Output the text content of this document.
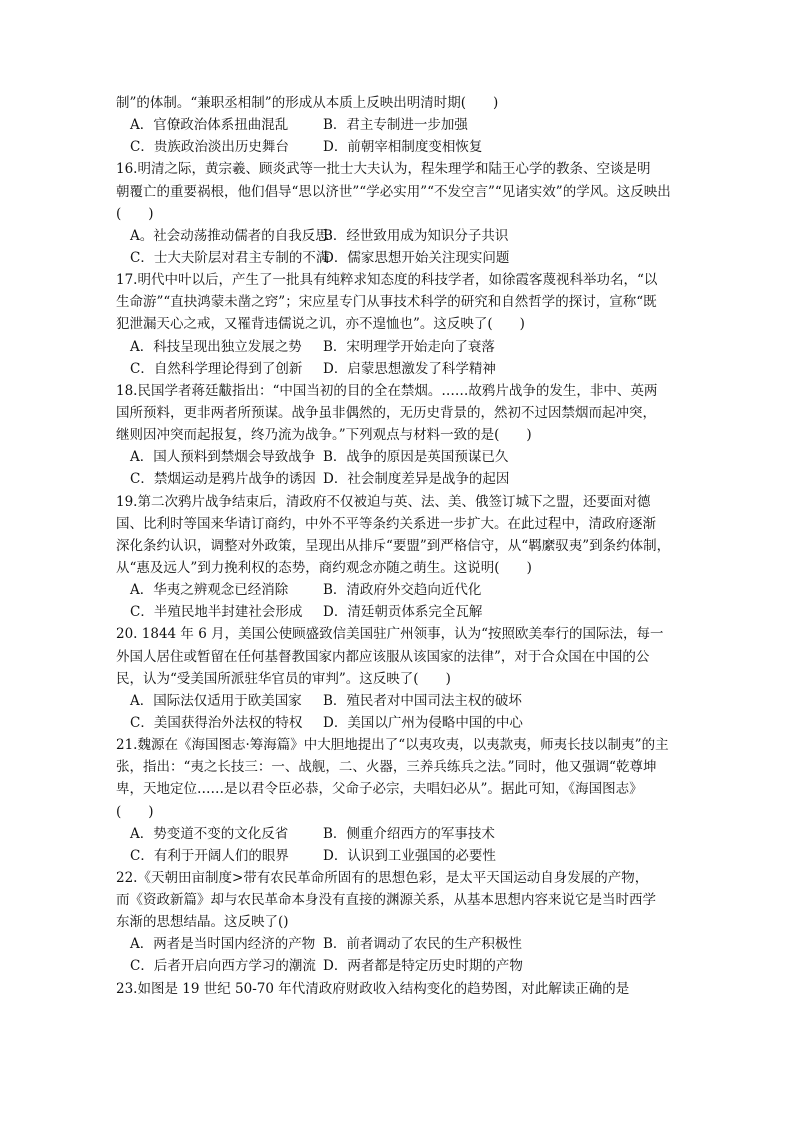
制”的体制。“兼职丞相制”的形成从本质上反映出明清时期(　　)
A．官僚政治体系扭曲混乱	B．君主专制进一步加强
C．贵族政治淡出历史舞台	D．前朝宰相制度变相恢复
16.明清之际，黄宗羲、顾炎武等一批士大夫认为，程朱理学和陆王心学的教条、空谈是明
朝覆亡的重要祸根，他们倡导“思以济世”“学必实用”“不发空言”“见诸实效”的学风。这反映出
(　　)
A。社会动荡推动儒者的自我反思B．经世致用成为知识分子共识
C．士大夫阶层对君主专制的不满D．儒家思想开始关注现实问题
17.明代中叶以后，产生了一批具有纯粹求知态度的科技学者，如徐霞客蔑视科举功名，“以
生命游”“直抉鸿蒙未凿之窍”；宋应星专门从事技术科学的研究和自然哲学的探讨，宣称“既
犯泄漏天心之戒，又罹背违儒说之讥，亦不遑恤也”。这反映了(　　)
A．科技呈现出独立发展之势 B．宋明理学开始走向了衰落
C．自然科学理论得到了创新 D．启蒙思想激发了科学精神
18.民国学者蒋廷黻指出：“中国当初的目的全在禁烟。……故鸦片战争的发生，非中、英两
国所预料，更非两者所预谋。战争虽非偶然的，无历史背景的，然初不过因禁烟而起冲突，
继则因冲突而起报复，终乃流为战争。”下列观点与材料一致的是(　　)
A．国人预料到禁烟会导致战争 B．战争的原因是英国预谋已久
C．禁烟运动是鸦片战争的诱因 D．社会制度差异是战争的起因
19.第二次鸦片战争结束后，清政府不仅被迫与英、法、美、俄签订城下之盟，还要面对德
国、比利时等国来华请订商约，中外不平等条约关系进一步扩大。在此过程中，清政府逐渐
深化条约认识，调整对外政策，呈现出从排斥“要盟”到严格信守，从“羁縻驭夷”到条约体制，
从“惠及远人”到力挽利权的态势，商约观念亦随之萌生。这说明(　　)
A．华夷之辨观念已经消除	B．清政府外交趋向近代化
C．半殖民地半封建社会形成 D．清廷朝贡体系完全瓦解
20. 1844 年 6 月，美国公使顾盛致信美国驻广州领事，认为“按照欧美奉行的国际法，每一
外国人居住或暂留在任何基督教国家内都应该服从该国家的法律”，对于合众国在中国的公
民，认为“受美国所派驻华官员的审判”。这反映了(　　)
A．国际法仅适用于欧美国家 B．殖民者对中国司法主权的破坏
C．美国获得治外法权的特权 D．美国以广州为侵略中国的中心
21.魏源在《海国图志·筹海篇》中大胆地提出了“以夷攻夷，以夷款夷，师夷长技以制夷”的主
张，指出：“夷之长技三：一、战舰，二、火器，三养兵练兵之法。”同时，他又强调“乾尊坤
卑，天地定位……是以君令臣必恭，父命子必宗，夫唱妇必从”。据此可知，《海国图志》
(　　)
A．势变道不变的文化反省	B．侧重介绍西方的军事技术
C．有利于开阔人们的眼界	D．认识到工业强国的必要性
22.《天朝田亩制度>带有农民革命所固有的思想色彩，是太平天国运动自身发展的产物，
而《资政新篇》却与农民革命本身没有直接的渊源关系，从基本思想内容来说它是当时西学
东渐的思想结晶。这反映了()
A．两者是当时国内经济的产物 B．前者调动了农民的生产积极性
C．后者开启向西方学习的潮流 D．两者都是特定历史时期的产物
23.如图是 19 世纪 50-70 年代清政府财政收入结构变化的趋势图，对此解读正确的是
